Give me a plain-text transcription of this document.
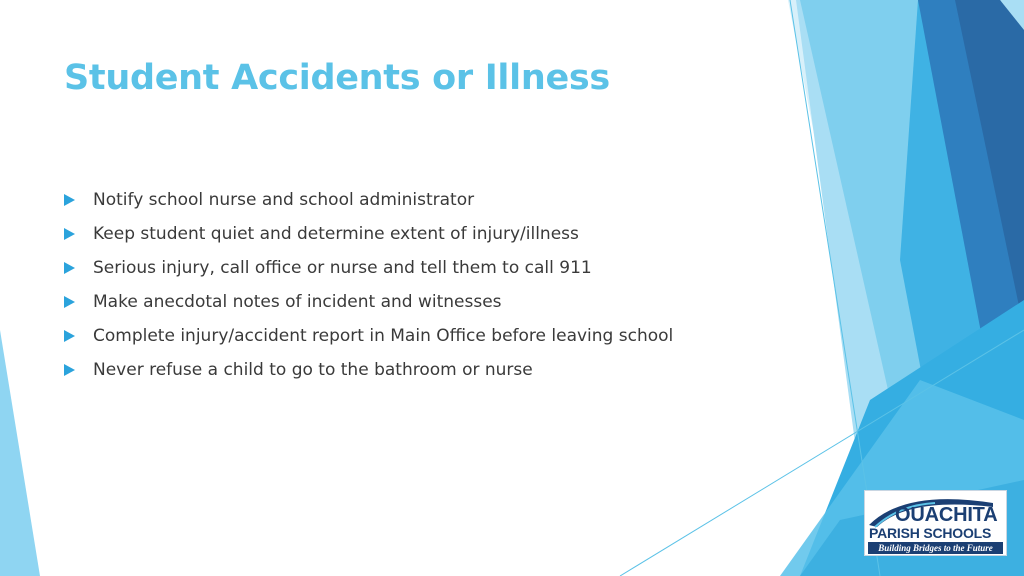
Student Accidents or Illness
Notify school nurse and school administrator
Keep student quiet and determine extent of injury/illness
Serious injury, call office or nurse and tell them to call 911
Make anecdotal notes of incident and witnesses
Complete injury/accident report in Main Office before leaving school
Never refuse a child to go to the bathroom or nurse
OUACHITA
PARISH SCHOOLS
Building Bridges to the Future
